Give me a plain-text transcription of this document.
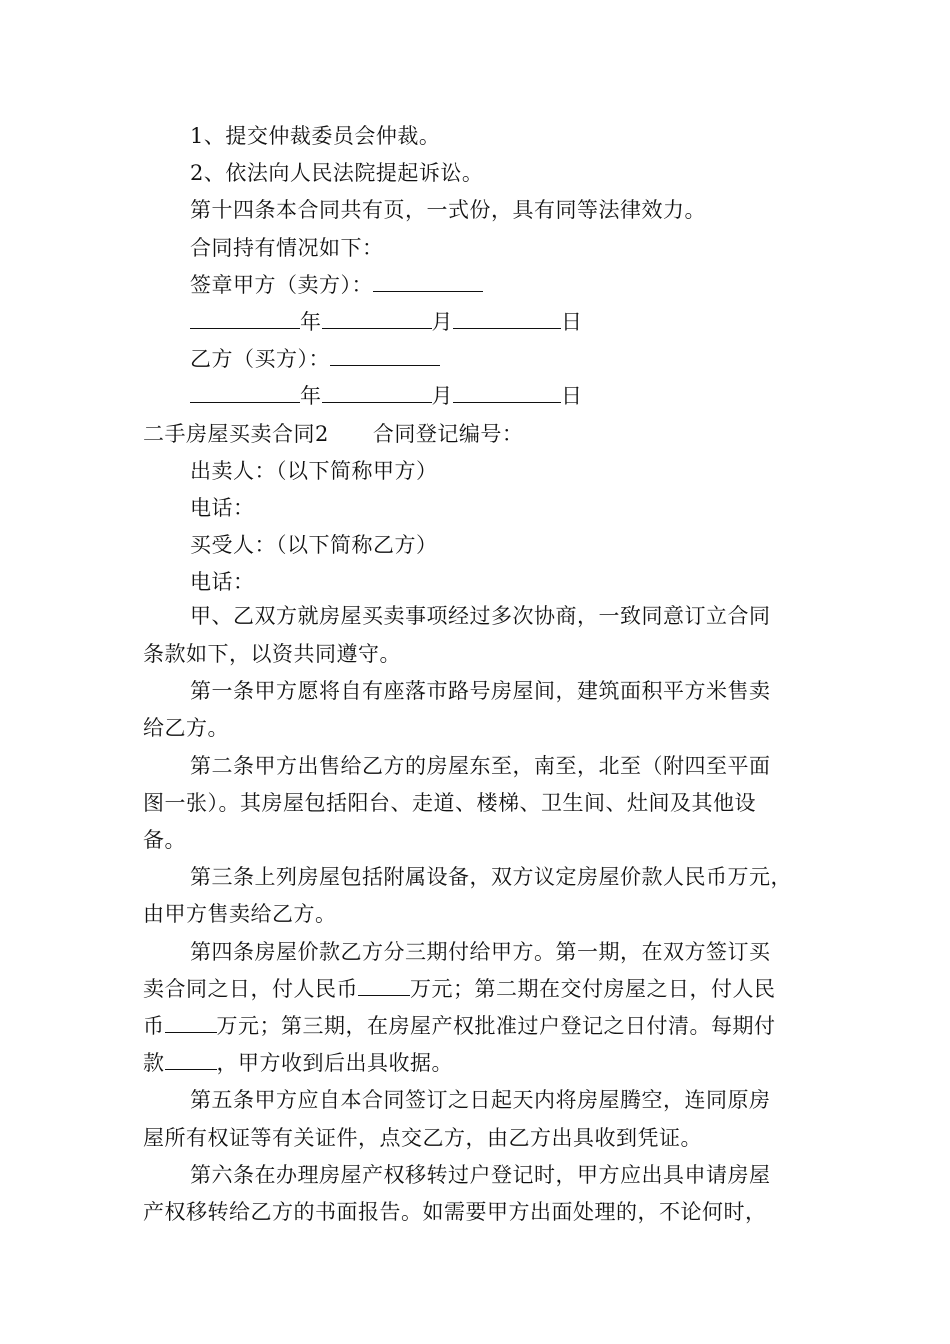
1、提交仲裁委员会仲裁。
2、依法向人民法院提起诉讼。
第十四条本合同共有页，一式份，具有同等法律效力。
合同持有情况如下：
签章甲方（卖方）：
年	月	日
乙方（买方）：
年	月	日
二手房屋买卖合同2 合同登记编号：
出卖人：（以下简称甲方）
电话：
买受人：（以下简称乙方）
电话：
甲、乙双方就房屋买卖事项经过多次协商，一致同意订立合同
条款如下，以资共同遵守。
第一条甲方愿将自有座落市路号房屋间，建筑面积平方米售卖
给乙方。
第二条甲方出售给乙方的房屋东至，南至，北至（附四至平面
图一张）。其房屋包括阳台、走道、楼梯、卫生间、灶间及其他设
备。
第三条上列房屋包括附属设备，双方议定房屋价款人民币万元，
由甲方售卖给乙方。
第四条房屋价款乙方分三期付给甲方。第一期，在双方签订买
卖合同之日，付人民币 万元；第二期在交付房屋之日，付人民
币 万元；第三期，在房屋产权批准过户登记之日付清。每期付
款 ，甲方收到后出具收据。
第五条甲方应自本合同签订之日起天内将房屋腾空，连同原房
屋所有权证等有关证件，点交乙方，由乙方出具收到凭证。
第六条在办理房屋产权移转过户登记时，甲方应出具申请房屋
产权移转给乙方的书面报告。如需要甲方出面处理的，不论何时，
